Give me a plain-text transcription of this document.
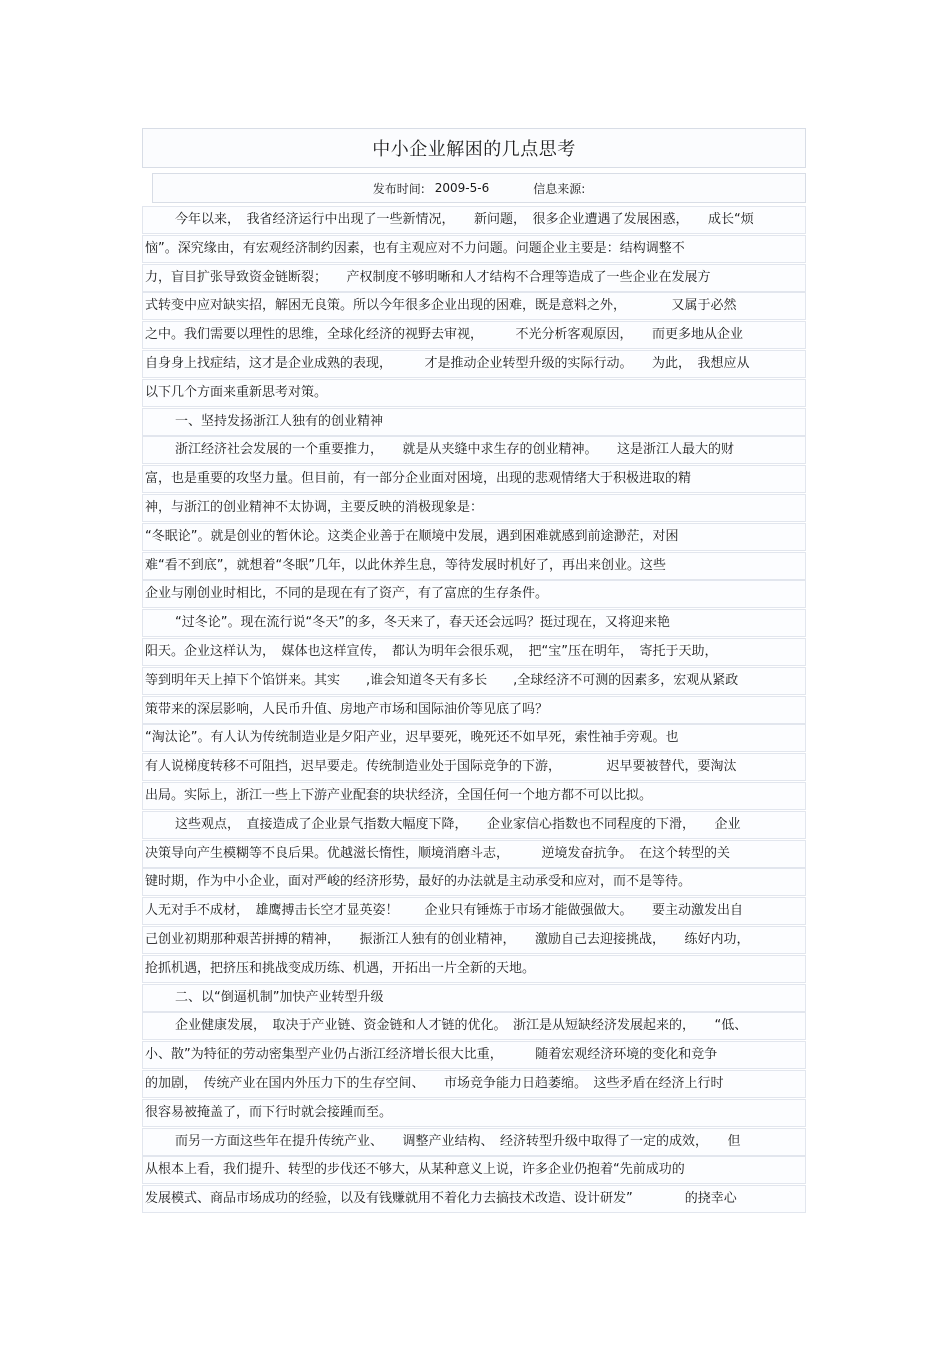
中小企业解困的几点思考
发布时间: 2009-5-6	信息来源:
今年以来，　我省经济运行中出现了一些新情况，　　新问题，　很多企业遭遇了发展困惑，　　成长“烦
恼”。深究缘由，有宏观经济制约因素，也有主观应对不力问题。问题企业主要是：结构调整不
力，盲目扩张导致资金链断裂；　　产权制度不够明晰和人才结构不合理等造成了一些企业在发展方
式转变中应对缺实招，解困无良策。所以今年很多企业出现的困难，既是意料之外，　　　　又属于必然
之中。我们需要以理性的思维，全球化经济的视野去审视，　　　不光分析客观原因，　　而更多地从企业
自身身上找症结，这才是企业成熟的表现，　　　才是推动企业转型升级的实际行动。　　为此，　我想应从
以下几个方面来重新思考对策。
一、坚持发扬浙江人独有的创业精神
浙江经济社会发展的一个重要推力，　　就是从夹缝中求生存的创业精神。　　这是浙江人最大的财
富，也是重要的攻坚力量。但目前，有一部分企业面对困境，出现的悲观情绪大于积极进取的精
神，与浙江的创业精神不太协调，主要反映的消极现象是：
“冬眠论”。就是创业的暂休论。这类企业善于在顺境中发展，遇到困难就感到前途渺茫，对困
难“看不到底”，就想着“冬眠”几年，以此休养生息，等待发展时机好了，再出来创业。这些
企业与刚创业时相比，不同的是现在有了资产，有了富庶的生存条件。
“过冬论”。现在流行说“冬天”的多，冬天来了，春天还会远吗？挺过现在，又将迎来艳
阳天。企业这样认为，　媒体也这样宣传，　都认为明年会很乐观，　把“宝”压在明年，　寄托于天助，
等到明年天上掉下个馅饼来。其实　　,谁会知道冬天有多长　　,全球经济不可测的因素多，宏观从紧政
策带来的深层影响，人民币升值、房地产市场和国际油价等见底了吗？
“淘汰论”。有人认为传统制造业是夕阳产业，迟早要死，晚死还不如早死，索性袖手旁观。也
有人说梯度转移不可阻挡，迟早要走。传统制造业处于国际竞争的下游，　　　　迟早要被替代，要淘汰
出局。实际上，浙江一些上下游产业配套的块状经济，全国任何一个地方都不可以比拟。
这些观点，　直接造成了企业景气指数大幅度下降，　　企业家信心指数也不同程度的下滑，　　企业
决策导向产生模糊等不良后果。优越滋长惰性，顺境消磨斗志，　　　逆境发奋抗争。　在这个转型的关
键时期，作为中小企业，面对严峻的经济形势，最好的办法就是主动承受和应对，而不是等待。
人无对手不成材，　雄鹰搏击长空才显英姿！　　企业只有锤炼于市场才能做强做大。　　要主动激发出自
己创业初期那种艰苦拼搏的精神，　　振浙江人独有的创业精神，　　激励自己去迎接挑战，　　练好内功，
抢抓机遇，把挤压和挑战变成历练、机遇，开拓出一片全新的天地。
二、以“倒逼机制”加快产业转型升级
企业健康发展，　取决于产业链、资金链和人才链的优化。　浙江是从短缺经济发展起来的，　　“低、
小、散”为特征的劳动密集型产业仍占浙江经济增长很大比重，　　　随着宏观经济环境的变化和竞争
的加剧，　传统产业在国内外压力下的生存空间、　　市场竞争能力日趋萎缩。　这些矛盾在经济上行时
很容易被掩盖了，而下行时就会接踵而至。
而另一方面这些年在提升传统产业、　　调整产业结构、　经济转型升级中取得了一定的成效，　　但
从根本上看，我们提升、转型的步伐还不够大，从某种意义上说，许多企业仍抱着“先前成功的
发展模式、商品市场成功的经验，以及有钱赚就用不着化力去搞技术改造、设计研发”　　　　的挠幸心
